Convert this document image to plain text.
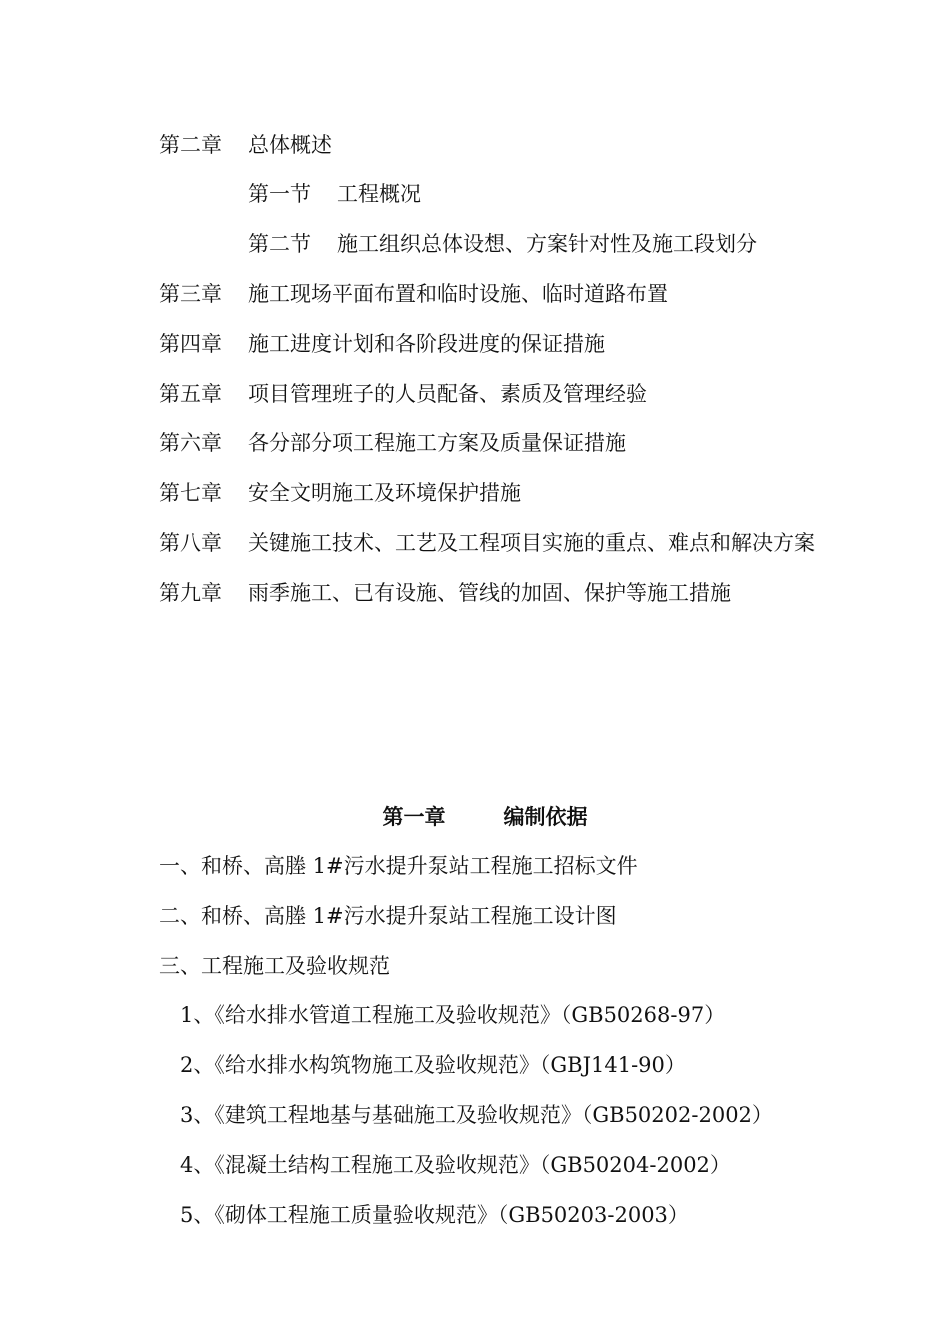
第二章 总体概述
第一节 工程概况
第二节 施工组织总体设想、方案针对性及施工段划分
第三章 施工现场平面布置和临时设施、临时道路布置
第四章 施工进度计划和各阶段进度的保证措施
第五章 项目管理班子的人员配备、素质及管理经验
第六章 各分部分项工程施工方案及质量保证措施
第七章 安全文明施工及环境保护措施
第八章 关键施工技术、工艺及工程项目实施的重点、难点和解决方案
第九章 雨季施工、已有设施、管线的加固、保护等施工措施
第一章	编制依据
一、和桥、高塍 1#污水提升泵站工程施工招标文件
二、和桥、高塍 1#污水提升泵站工程施工设计图
三、工程施工及验收规范
1、《给水排水管道工程施工及验收规范》（GB50268-97）
2、《给水排水构筑物施工及验收规范》（GBJ141-90）
3、《建筑工程地基与基础施工及验收规范》（GB50202-2002）
4、《混凝土结构工程施工及验收规范》（GB50204-2002）
5、《砌体工程施工质量验收规范》（GB50203-2003）
